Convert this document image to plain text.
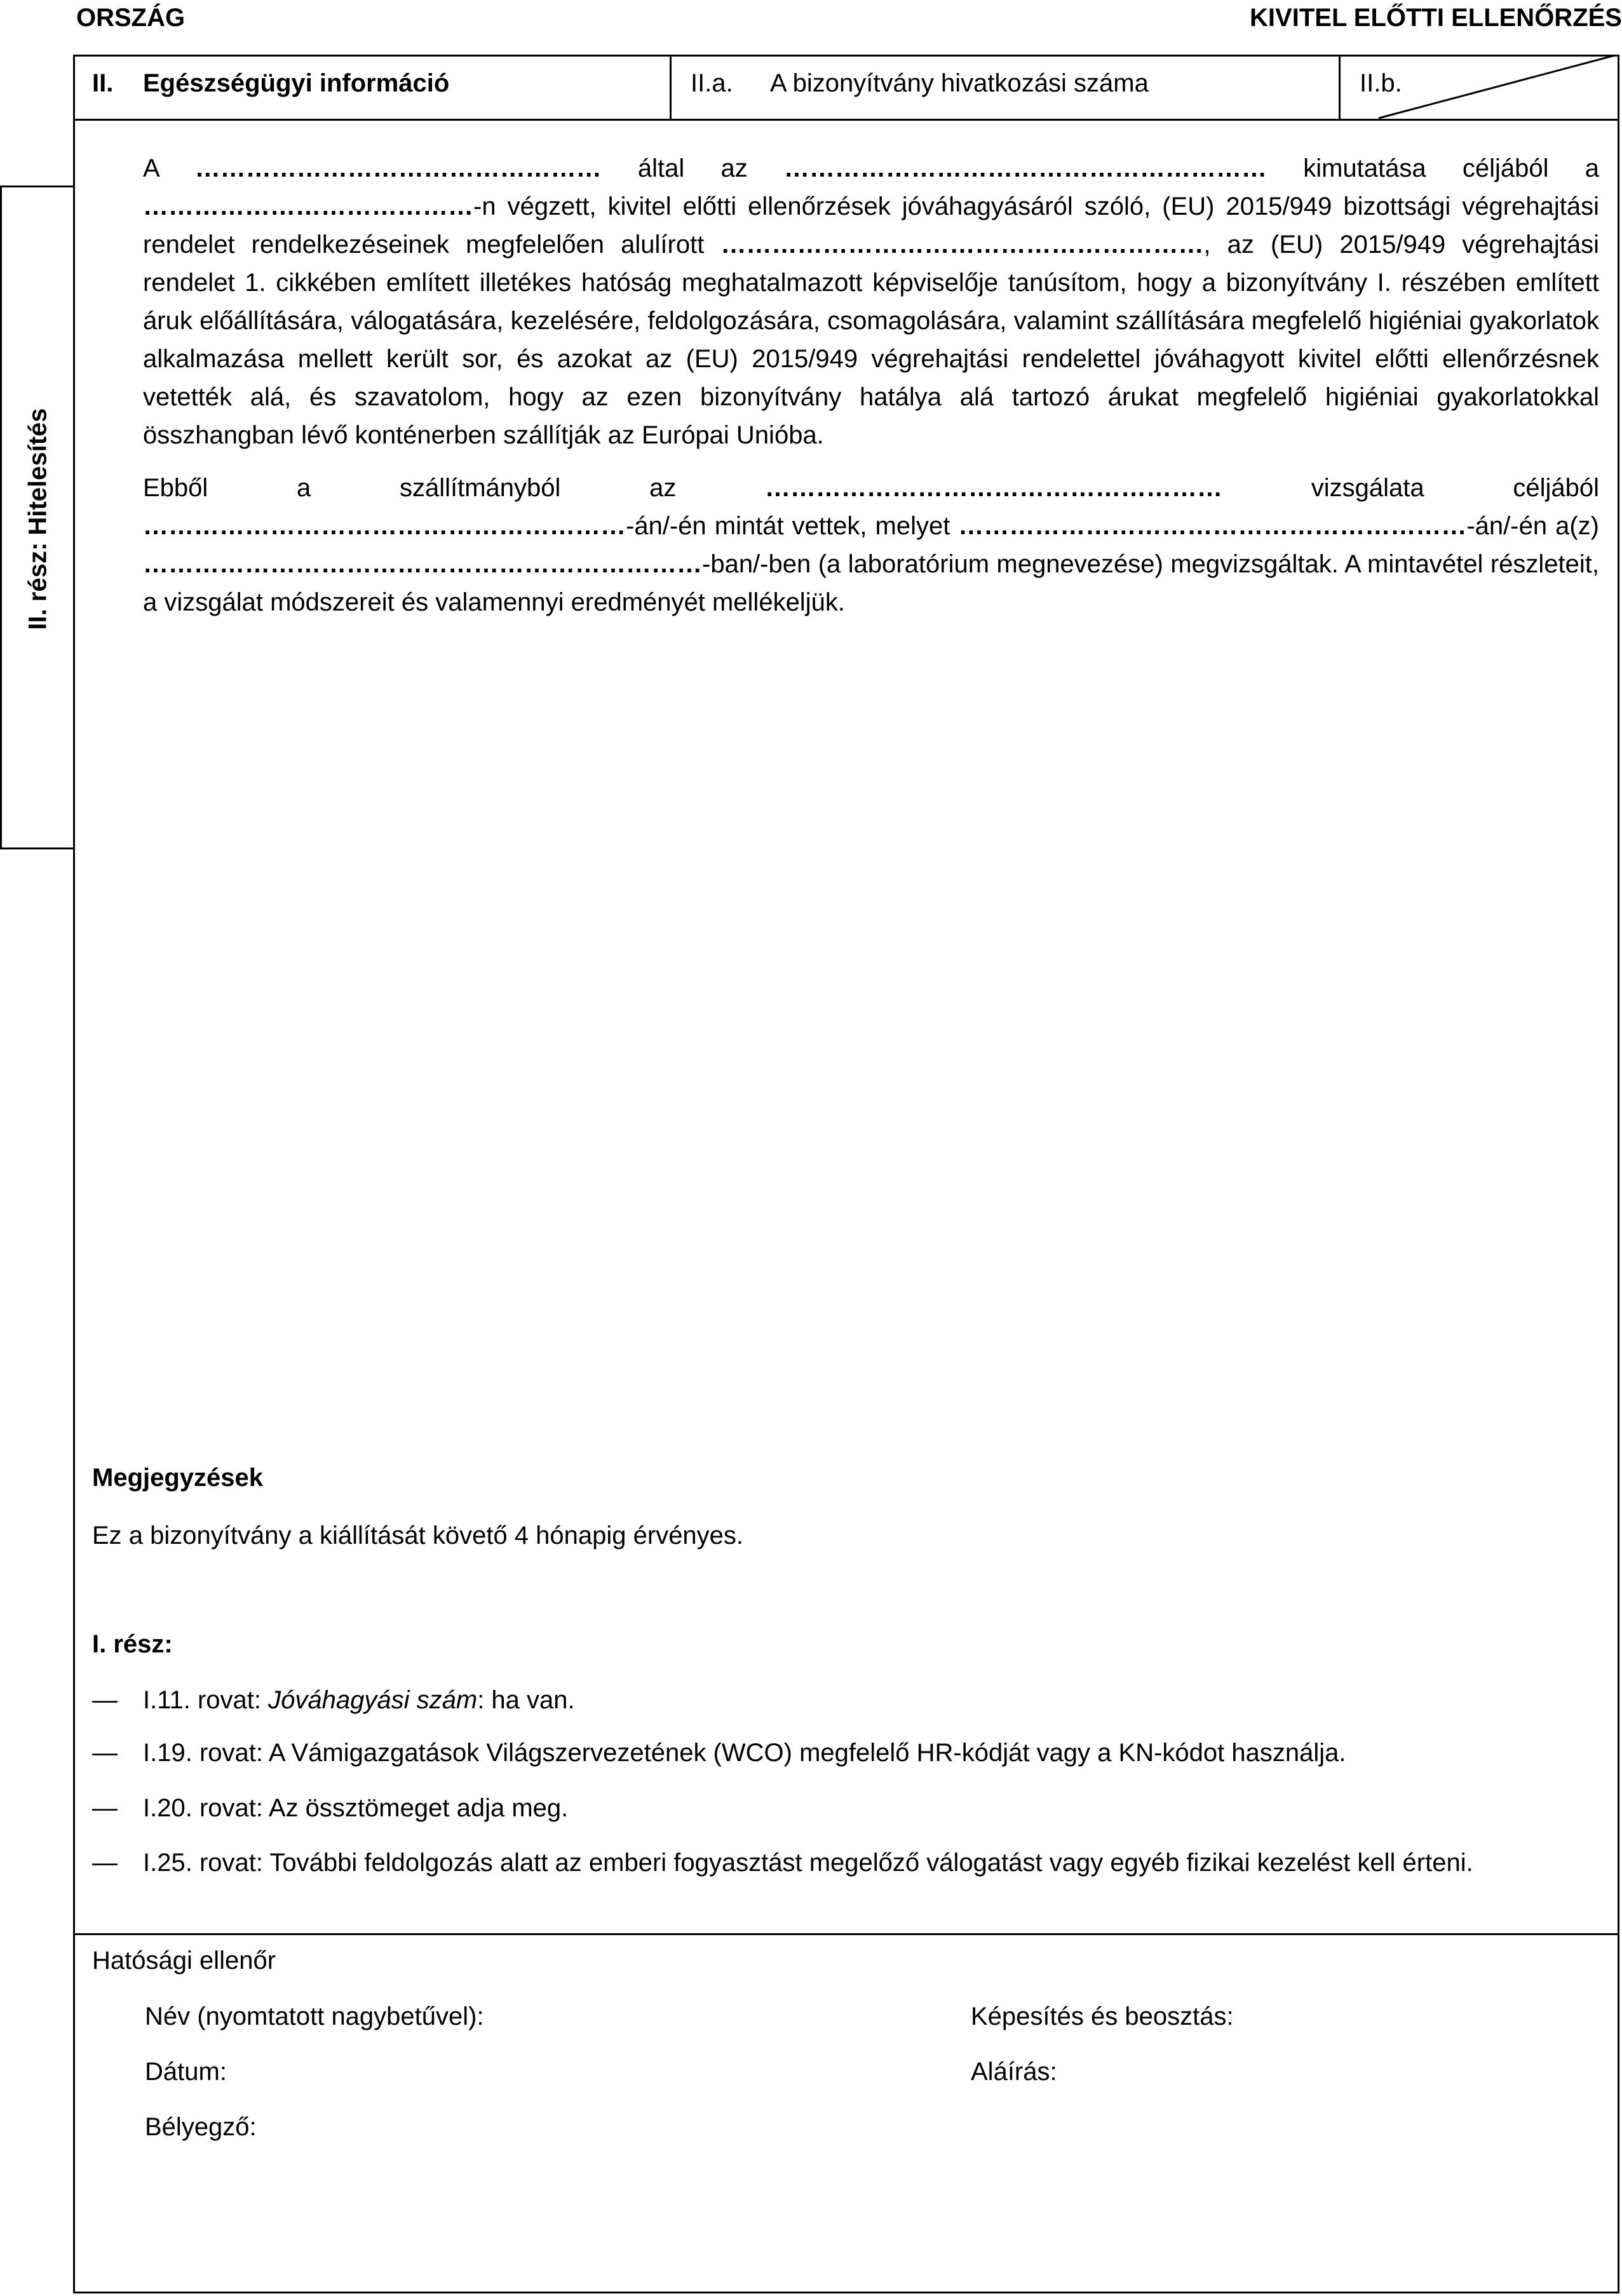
ORSZÁG	KIVITEL ELŐTTI ELLENŐRZÉS
II. Egészségügyi információ	II.a. A bizonyítvány hivatkozási száma	II.b.
II. rész: Hitelesítés
A ………………………………………… által az ………………………………………………… kimutatása céljából a …………………………………-n végzett, kivitel előtti ellenőrzések jóváhagyásáról szóló, (EU) 2015/949 bizottsági végrehajtási rendelet rendelkezéseinek megfelelően alulírott …………………………………………………, az (EU) 2015/949 végrehajtási rendelet 1. cikkében említett illetékes hatóság meghatalmazott képviselője tanúsítom, hogy a bizonyítvány I. részében említett áruk előállítására, válogatására, kezelésére, feldolgozására, csomagolására, valamint szállítására megfelelő higiéniai gyakorlatok alkalmazása mellett került sor, és azokat az (EU) 2015/949 végrehajtási rendelettel jóváhagyott kivitel előtti ellenőrzésnek vetették alá, és szavatolom, hogy az ezen bizonyítvány hatálya alá tartozó árukat megfelelő higiéniai gyakorlatokkal összhangban lévő konténerben szállítják az Európai Unióba.
Ebből a szállítmányból az	………………………………………………	vizsgálata céljából …………………………………………………-án/-én mintát vettek, melyet ……………………………………………………-án/-én a(z) …………………………………………………………-ban/-ben (a laboratórium megnevezése) megvizsgáltak. A mintavétel részleteit, a vizsgálat módszereit és valamennyi eredményét mellékeljük.
Megjegyzések
Ez a bizonyítvány a kiállítását követő 4 hónapig érvényes.
I. rész:
— I.11. rovat: Jóváhagyási szám: ha van.
— I.19. rovat: A Vámigazgatások Világszervezetének (WCO) megfelelő HR-kódját vagy a KN-kódot használja.
— I.20. rovat: Az össztömeget adja meg.
— I.25. rovat: További feldolgozás alatt az emberi fogyasztást megelőző válogatást vagy egyéb fizikai kezelést kell érteni.
Hatósági ellenőr
Név (nyomtatott nagybetűvel):	Képesítés és beosztás:
Dátum:	Aláírás:
Bélyegző:
